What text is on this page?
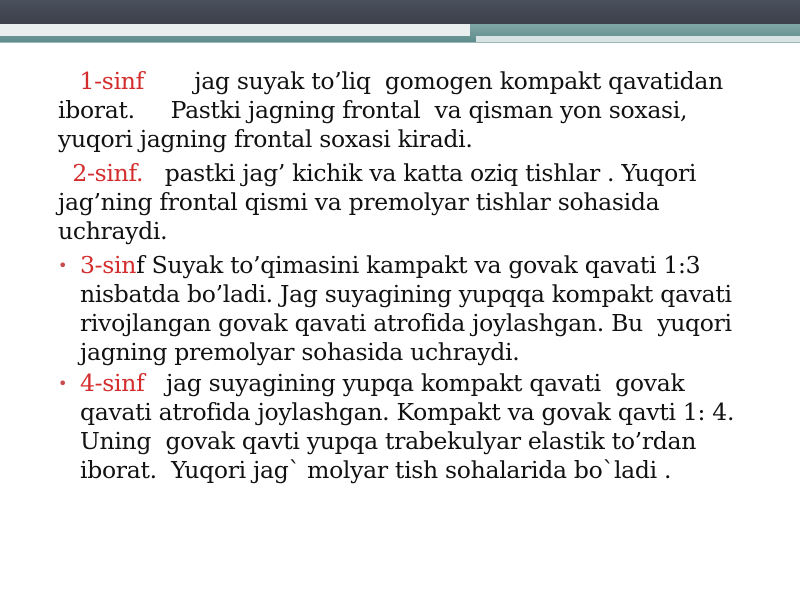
1-sinf jag suyak to’liq  gomogen kompakt qavatidan     iborat.     Pastki jagning frontal  va qisman yon soxasi, yuqori jagning frontal soxasi kiradi.

2-sinf. pastki jag’ kichik va katta oziq tishlar . Yuqori jag’ning frontal qismi va premolyar tishlar sohasida  uchraydi.

• 3-sinf Suyak to’qimasini kampakt va govak qavati 1:3 nisbatda bo’ladi. Jag suyagining yupqqa kompakt qavati rivojlangan govak qavati atrofida joylashgan. Bu  yuqori jagning premolyar sohasida uchraydi.

• 4-sinf   jag suyagining yupqa kompakt qavati  govak qavati atrofida joylashgan. Kompakt va govak qavti 1: 4.  Uning  govak qavti yupqa trabekulyar elastik to’rdan iborat.  Yuqori jag` molyar tish sohalarida bo`ladi .
